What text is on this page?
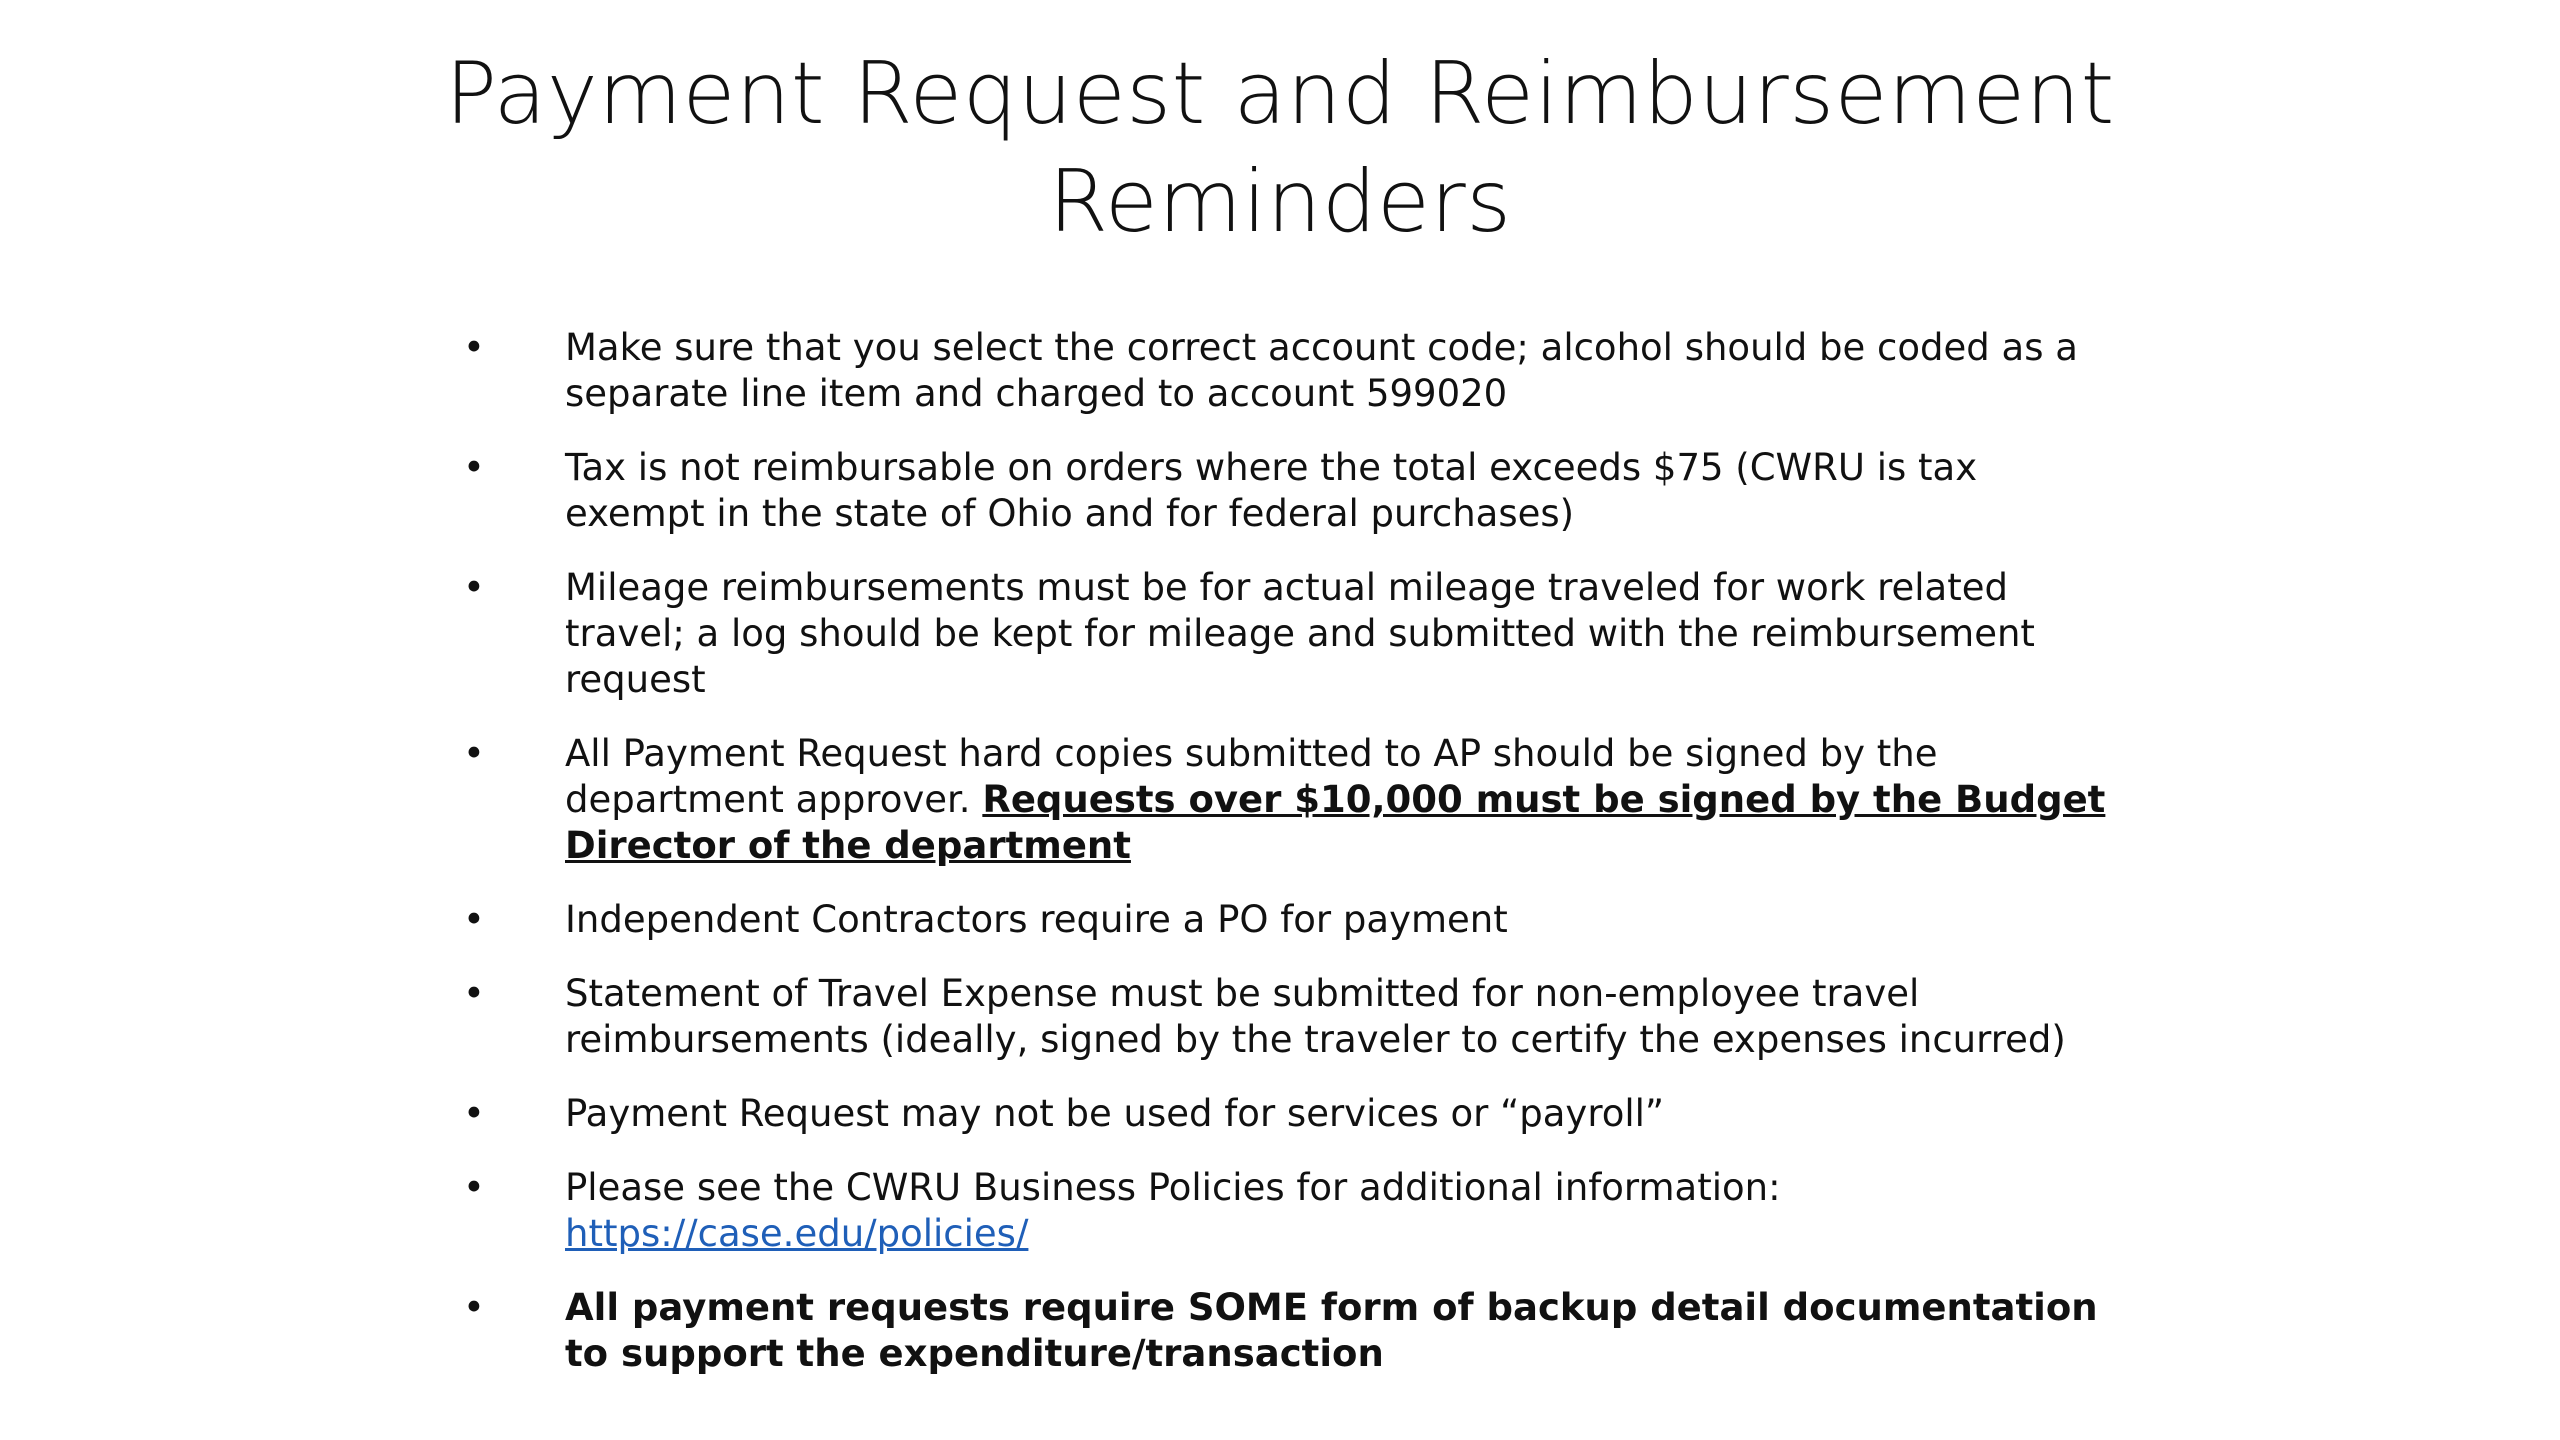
Payment Request and Reimbursement
Reminders
• Make sure that you select the correct account code; alcohol should be coded as a separate line item and charged to account 599020
• Tax is not reimbursable on orders where the total exceeds $75 (CWRU is tax exempt in the state of Ohio and for federal purchases)
• Mileage reimbursements must be for actual mileage traveled for work related travel; a log should be kept for mileage and submitted with the reimbursement request
• All Payment Request hard copies submitted to AP should be signed by the department approver. Requests over $10,000 must be signed by the Budget Director of the department
• Independent Contractors require a PO for payment
• Statement of Travel Expense must be submitted for non-employee travel reimbursements (ideally, signed by the traveler to certify the expenses incurred)
• Payment Request may not be used for services or “payroll”
• Please see the CWRU Business Policies for additional information:
https://case.edu/policies/
• All payment requests require SOME form of backup detail documentation to support the expenditure/transaction
